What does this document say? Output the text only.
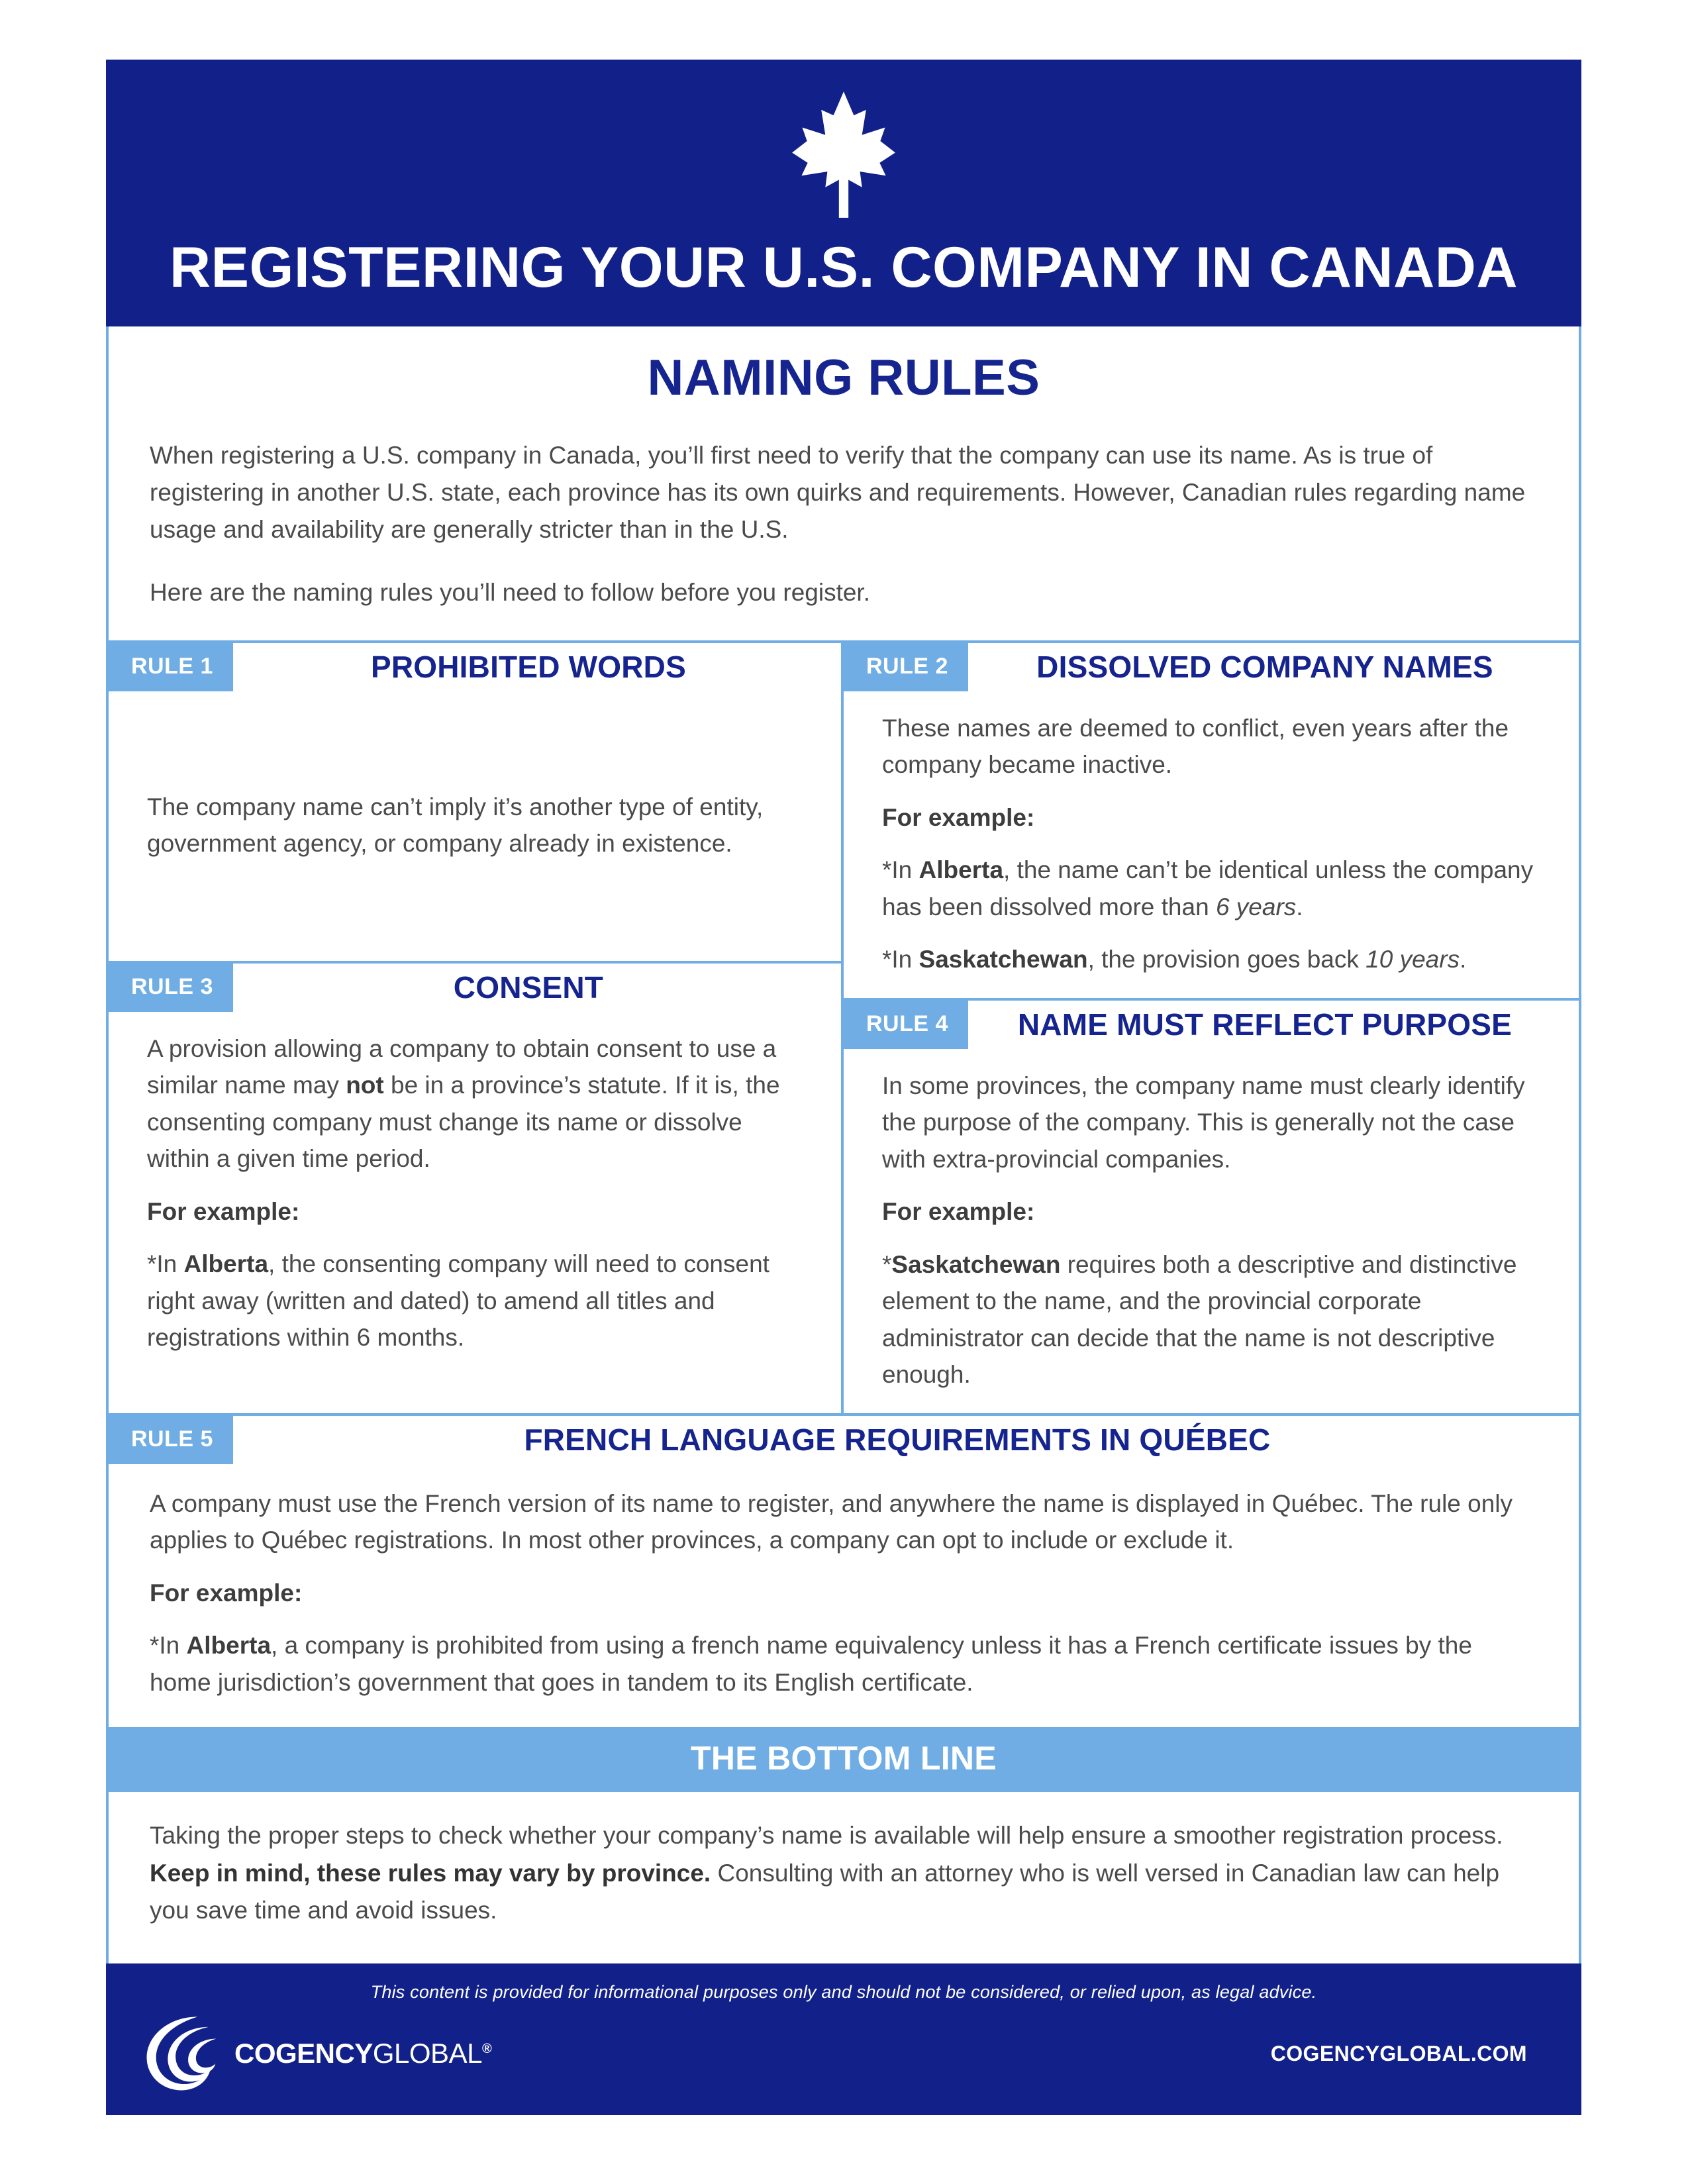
REGISTERING YOUR U.S. COMPANY IN CANADA
NAMING RULES

When registering a U.S. company in Canada, you’ll first need to verify that the company can use its name. As is true of registering in another U.S. state, each province has its own quirks and requirements. However, Canadian rules regarding name usage and availability are generally stricter than in the U.S.

Here are the naming rules you’ll need to follow before you register.

RULE 1	PROHIBITED WORDS

The company name can’t imply it’s another type of entity, government agency, or company already in existence.

RULE 3	CONSENT

A provision allowing a company to obtain consent to use a similar name may not be in a province’s statute. If it is, the consenting company must change its name or dissolve within a given time period.

For example:

*In Alberta, the consenting company will need to consent right away (written and dated) to amend all titles and registrations within 6 months.

RULE 2	DISSOLVED COMPANY NAMES

These names are deemed to conflict, even years after the company became inactive.

For example:

*In Alberta, the name can’t be identical unless the company has been dissolved more than 6 years.

*In Saskatchewan, the provision goes back 10 years.

RULE 4	NAME MUST REFLECT PURPOSE

In some provinces, the company name must clearly identify the purpose of the company. This is generally not the case with extra-provincial companies.

For example:

*Saskatchewan requires both a descriptive and distinctive element to the name, and the provincial corporate administrator can decide that the name is not descriptive enough.

RULE 5	FRENCH LANGUAGE REQUIREMENTS IN QUÉBEC

A company must use the French version of its name to register, and anywhere the name is displayed in Québec. The rule only applies to Québec registrations. In most other provinces, a company can opt to include or exclude it.

For example:

*In Alberta, a company is prohibited from using a french name equivalency unless it has a French certificate issues by the home jurisdiction’s government that goes in tandem to its English certificate.

THE BOTTOM LINE

Taking the proper steps to check whether your company’s name is available will help ensure a smoother registration process. Keep in mind, these rules may vary by province. Consulting with an attorney who is well versed in Canadian law can help you save time and avoid issues.

This content is provided for informational purposes only and should not be considered, or relied upon, as legal advice.
COGENCYGLOBAL®	COGENCYGLOBAL.COM
